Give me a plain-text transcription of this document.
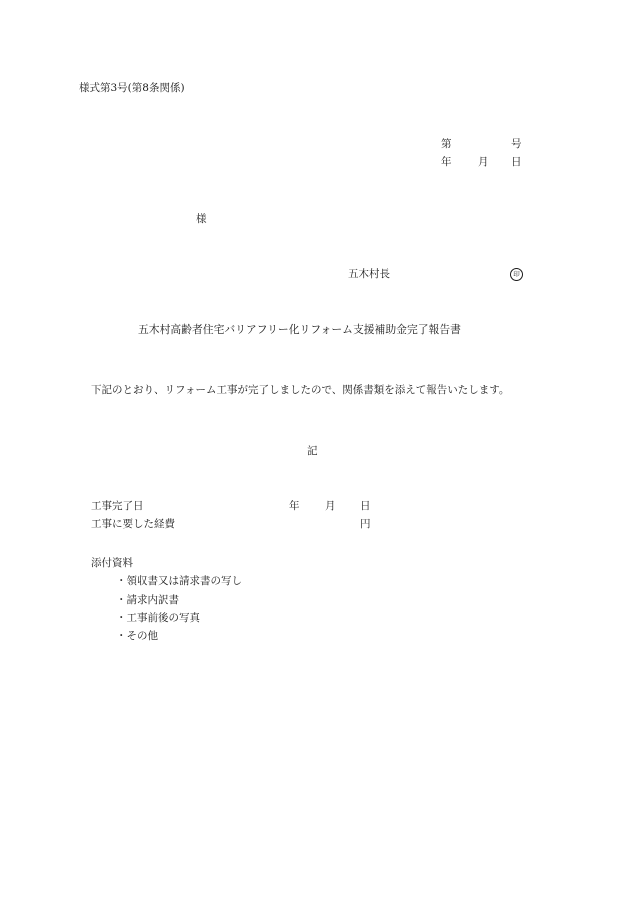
様式第3号(第8条関係)
第	号
年	月 日
様
五木村長	印
五木村高齢者住宅バリアフリー化リフォーム支援補助金完了報告書
下記のとおり、リフォーム工事が完了しましたので、関係書類を添えて報告いたします。
記
工事完了日	年 月 日
工事に要した経費	円
添付資料
・領収書又は請求書の写し
・請求内訳書
・工事前後の写真
・その他
